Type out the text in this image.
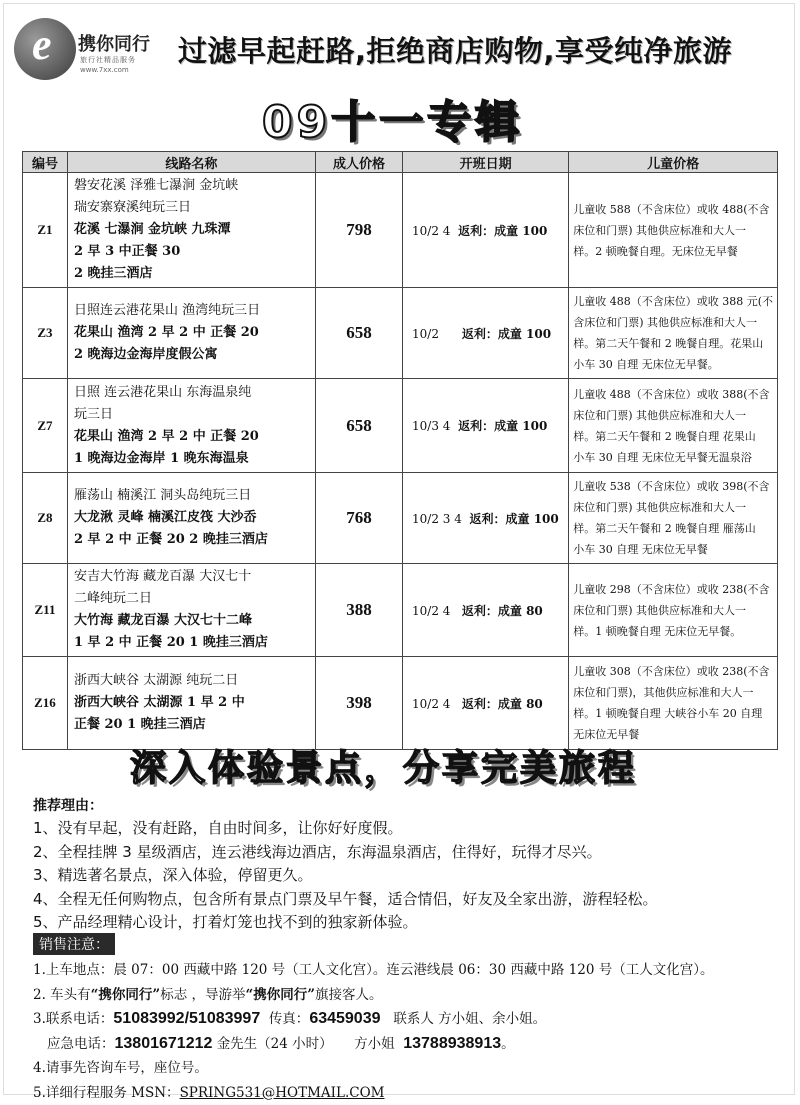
e 携你同行
旅行社精品服务
www.7xx.com
过滤早起赶路,拒绝商店购物,享受纯净旅游
09十一专辑
编号	线路名称	成人价格	开班日期	儿童价格
Z1	磐安花溪 泽雅七瀑涧 金坑峡
瑞安寨寮溪纯玩三日
花溪 七瀑涧 金坑峡 九珠潭
2 早 3 中正餐 30
2 晚挂三酒店	798	10/2 4 返利：成童 100	儿童收 588（不含床位）或收 488(不含
床位和门票) 其他供应标准和大人一
样。2 顿晚餐自理。无床位无早餐

Z3	日照连云港花果山 渔湾纯玩三日
花果山 渔湾 2 早 2 中 正餐 20
2 晚海边金海岸度假公寓	658	10/2 返利：成童 100	儿童收 488（不含床位）或收 388 元(不
含床位和门票) 其他供应标准和大人一
样。第二天午餐和 2 晚餐自理。花果山
小车 30 自理 无床位无早餐。

Z7	日照 连云港花果山 东海温泉纯
玩三日
花果山 渔湾 2 早 2 中 正餐 20
1 晚海边金海岸 1 晚东海温泉	658	10/3 4 返利：成童 100	儿童收 488（不含床位）或收 388(不含
床位和门票) 其他供应标准和大人一
样。第二天午餐和 2 晚餐自理 花果山
小车 30 自理 无床位无早餐无温泉浴

Z8	雁荡山 楠溪江 洞头岛纯玩三日
大龙湫 灵峰 楠溪江皮筏 大沙岙
2 早 2 中 正餐 20 2 晚挂三酒店	768	10/2 3 4 返利：成童 100	儿童收 538（不含床位）或收 398(不含
床位和门票) 其他供应标准和大人一
样。第二天午餐和 2 晚餐自理 雁荡山
小车 30 自理 无床位无早餐

Z11	安吉大竹海 藏龙百瀑 大汉七十
二峰纯玩二日
大竹海 藏龙百瀑 大汉七十二峰
1 早 2 中 正餐 20 1 晚挂三酒店	388	10/2 4 返利：成童 80	儿童收 298（不含床位）或收 238(不含
床位和门票) 其他供应标准和大人一
样。1 顿晚餐自理 无床位无早餐。

Z16	浙西大峡谷 太湖源 纯玩二日
浙西大峡谷 太湖源 1 早 2 中
正餐 20 1 晚挂三酒店	398	10/2 4 返利：成童 80	儿童收 308（不含床位）或收 238(不含
床位和门票)，其他供应标准和大人一
样。1 顿晚餐自理 大峡谷小车 20 自理
无床位无早餐
深入体验景点，分享完美旅程
推荐理由：
1、没有早起，没有赶路，自由时间多，让你好好度假。
2、全程挂牌 3 星级酒店，连云港线海边酒店，东海温泉酒店，住得好，玩得才尽兴。
3、精选著名景点，深入体验，停留更久。
4、全程无任何购物点，包含所有景点门票及早午餐，适合情侣，好友及全家出游，游程轻松。
5、产品经理精心设计，打着灯笼也找不到的独家新体验。
销售注意：
1.上车地点：晨 07：00 西藏中路 120 号（工人文化宫）。连云港线晨 06：30 西藏中路 120 号（工人文化宫）。
2. 车头有“携你同行”标志 ，导游举“携你同行”旗接客人。
3.联系电话：51083992/51083997 传真：63459039 联系人 方小姐、余小姐。
应急电话：13801671212 金先生（24 小时） 方小姐 13788938913。
4.请事先咨询车号，座位号。
5.详细行程服务 MSN：SPRING531@HOTMAIL.COM
